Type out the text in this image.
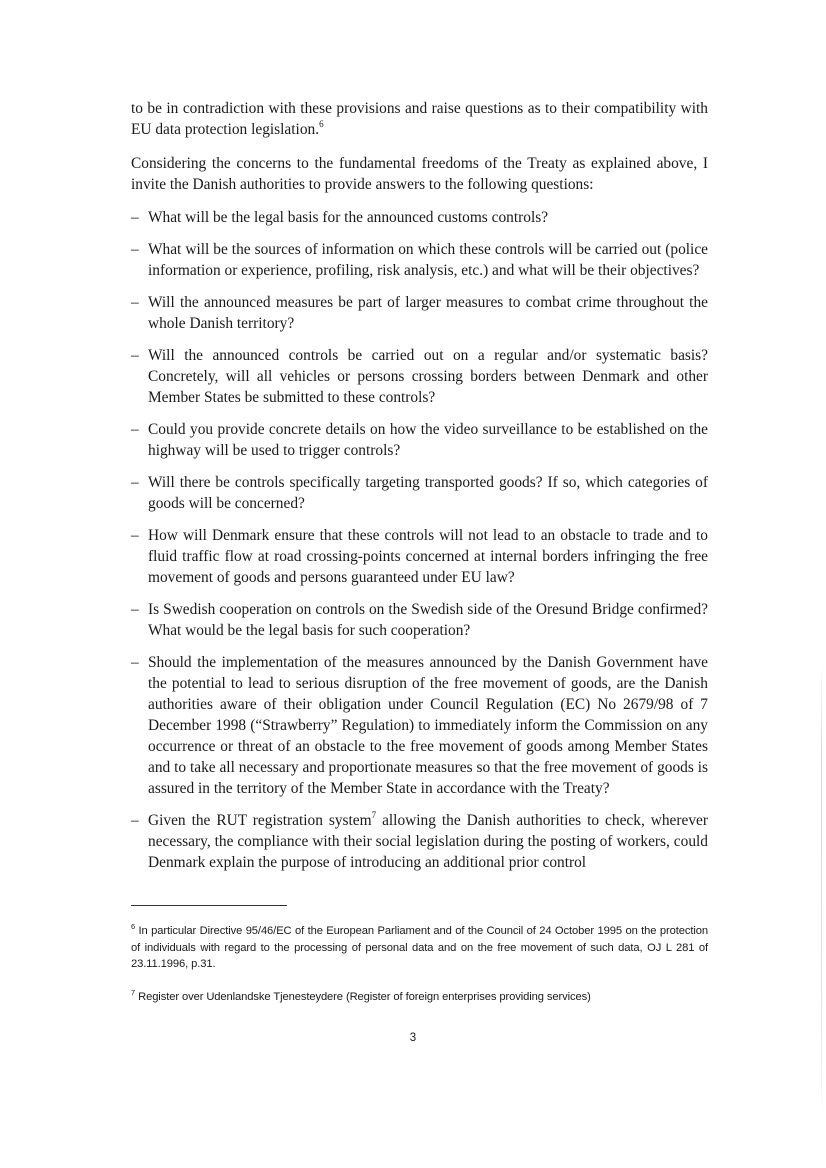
to be in contradiction with these provisions and raise questions as to their compatibility with EU data protection legislation.$^6$

Considering the concerns to the fundamental freedoms of the Treaty as explained above, I invite the Danish authorities to provide answers to the following questions:

– What will be the legal basis for the announced customs controls?
– What will be the sources of information on which these controls will be carried out (police information or experience, profiling, risk analysis, etc.) and what will be their objectives?
– Will the announced measures be part of larger measures to combat crime throughout the whole Danish territory?
– Will the announced controls be carried out on a regular and/or systematic basis? Concretely, will all vehicles or persons crossing borders between Denmark and other Member States be submitted to these controls?
– Could you provide concrete details on how the video surveillance to be established on the highway will be used to trigger controls?
– Will there be controls specifically targeting transported goods? If so, which categories of goods will be concerned?
– How will Denmark ensure that these controls will not lead to an obstacle to trade and to fluid traffic flow at road crossing-points concerned at internal borders infringing the free movement of goods and persons guaranteed under EU law?
– Is Swedish cooperation on controls on the Swedish side of the Oresund Bridge confirmed? What would be the legal basis for such cooperation?
– Should the implementation of the measures announced by the Danish Government have the potential to lead to serious disruption of the free movement of goods, are the Danish authorities aware of their obligation under Council Regulation (EC) No 2679/98 of 7 December 1998 (“Strawberry” Regulation) to immediately inform the Commission on any occurrence or threat of an obstacle to the free movement of goods among Member States and to take all necessary and proportionate measures so that the free movement of goods is assured in the territory of the Member State in accordance with the Treaty?
– Given the RUT registration system$^7$ allowing the Danish authorities to check, wherever necessary, the compliance with their social legislation during the posting of workers, could Denmark explain the purpose of introducing an additional prior control

$^6$ In particular Directive 95/46/EC of the European Parliament and of the Council of 24 October 1995 on the protection of individuals with regard to the processing of personal data and on the free movement of such data, OJ L 281 of 23.11.1996, p.31.

$^7$ Register over Udenlandske Tjenesteydere (Register of foreign enterprises providing services)

3
